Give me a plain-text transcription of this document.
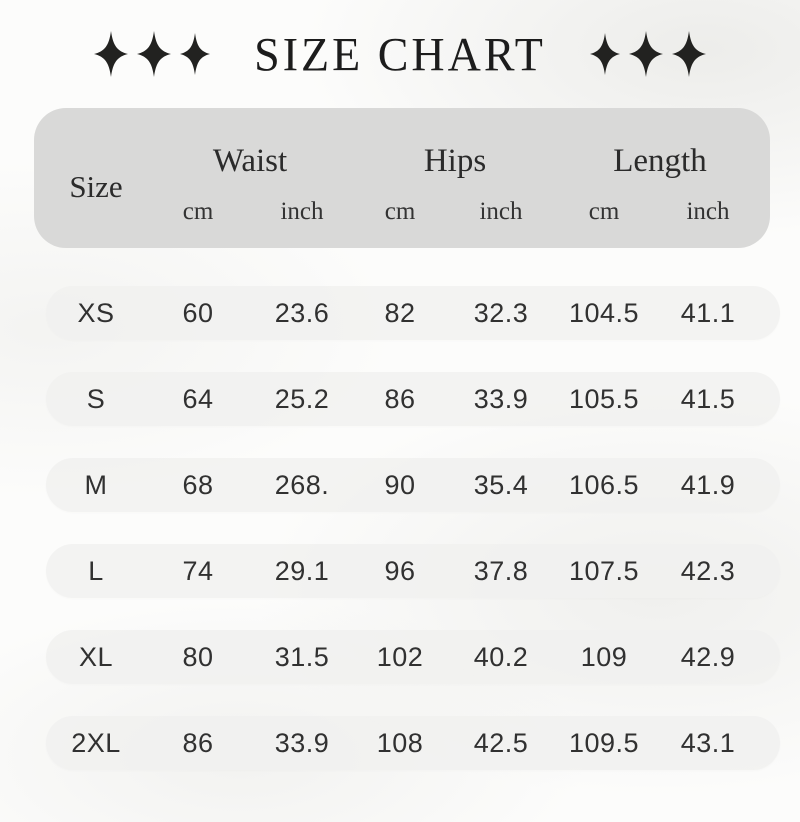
SIZE CHART
Size
Waist	Hips	Length
cm	inch cm	inch	cm	inch
XS	60 23.6 82 32.3 104.5 41.1
S	64 25.2 86 33.9 105.5 41.5
M	68 268. 90 35.4 106.5 41.9
L	74 29.1 96 37.8 107.5 42.3
XL	80 31.5 102 40.2 109 42.9
2XL 86 33.9 108 42.5 109.5 43.1
